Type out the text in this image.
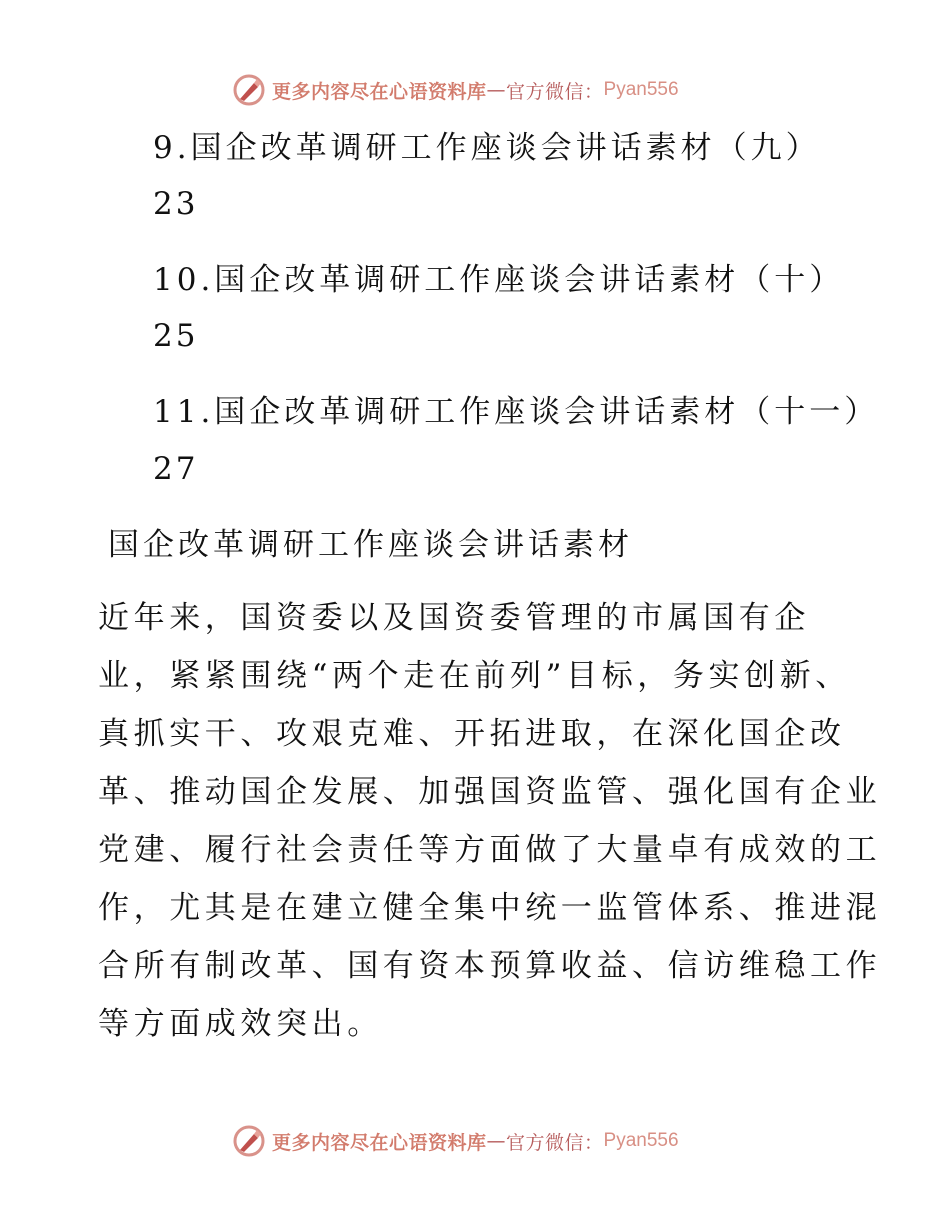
更多内容尽在心语资料库 — 官方微信： Pyan556
9.国企改革调研工作座谈会讲话素材（九）
23
10.国企改革调研工作座谈会讲话素材（十）
25
11.国企改革调研工作座谈会讲话素材（十一）
27
国企改革调研工作座谈会讲话素材
近年来，国资委以及国资委管理的市属国有企
业，紧紧围绕“两个走在前列”目标，务实创新、
真抓实干、攻艰克难、开拓进取，在深化国企改
革、推动国企发展、加强国资监管、强化国有企业
党建、履行社会责任等方面做了大量卓有成效的工
作，尤其是在建立健全集中统一监管体系、推进混
合所有制改革、国有资本预算收益、信访维稳工作
等方面成效突出。
更多内容尽在心语资料库 — 官方微信： Pyan556
